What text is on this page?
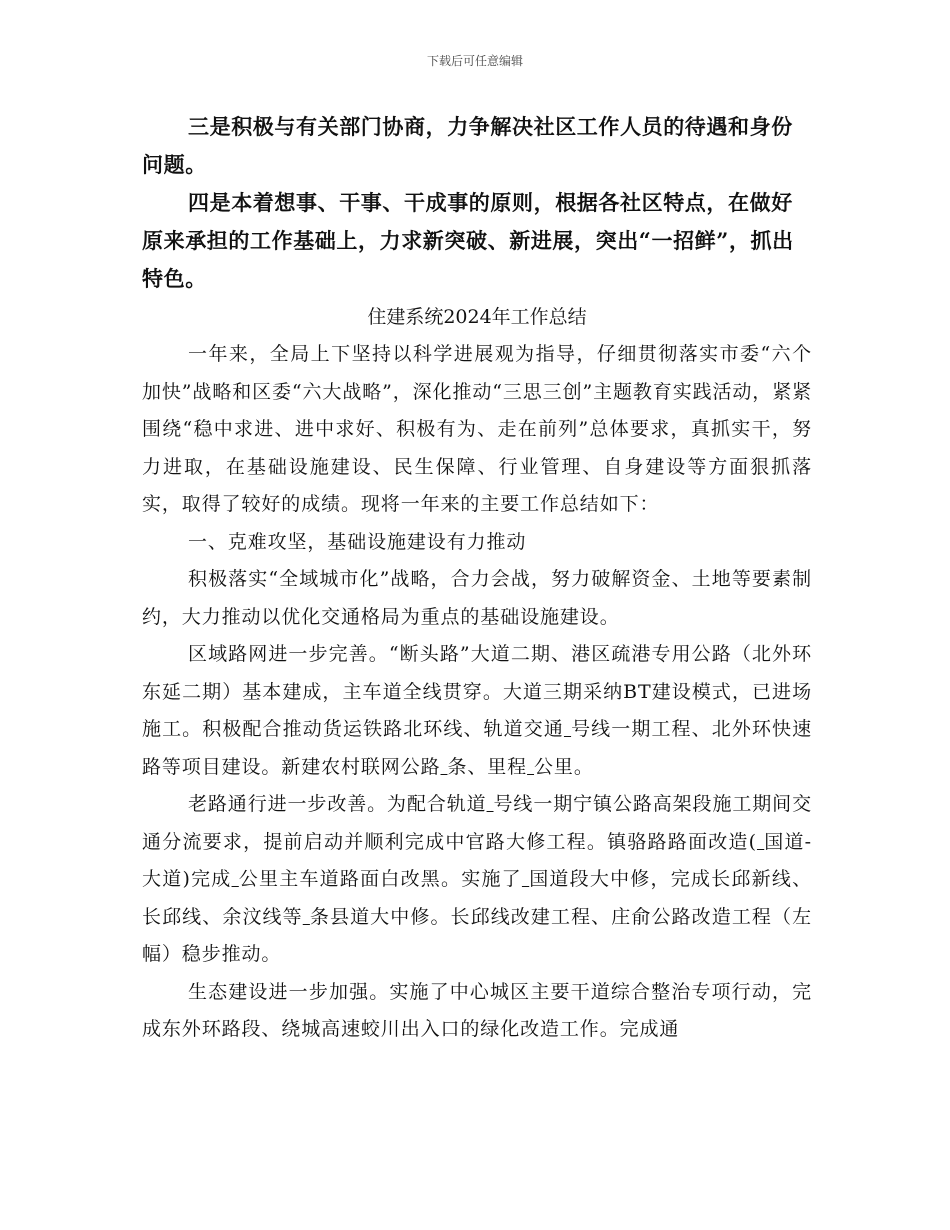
下载后可任意编辑

三是积极与有关部门协商，力争解决社区工作人员的待遇和身份问题。

四是本着想事、干事、干成事的原则，根据各社区特点，在做好原来承担的工作基础上，力求新突破、新进展，突出“一招鲜”，抓出特色。

住建系统2024年工作总结

一年来，全局上下坚持以科学进展观为指导，仔细贯彻落实市委“六个加快”战略和区委“六大战略”，深化推动“三思三创”主题教育实践活动，紧紧围绕“稳中求进、进中求好、积极有为、走在前列”总体要求，真抓实干，努力进取，在基础设施建设、民生保障、行业管理、自身建设等方面狠抓落实，取得了较好的成绩。现将一年来的主要工作总结如下：

一、克难攻坚，基础设施建设有力推动

积极落实“全域城市化”战略，合力会战，努力破解资金、土地等要素制约，大力推动以优化交通格局为重点的基础设施建设。

区域路网进一步完善。“断头路”大道二期、港区疏港专用公路（北外环东延二期）基本建成，主车道全线贯穿。大道三期采纳BT建设模式，已进场施工。积极配合推动货运铁路北环线、轨道交通 号线一期工程、北外环快速路等项目建设。新建农村联网公路 条、里程 公里。

老路通行进一步改善。为配合轨道 号线一期宁镇公路高架段施工期间交通分流要求，提前启动并顺利完成中官路大修工程。镇骆路路面改造( 国道-大道)完成 公里主车道路面白改黑。实施了 国道段大中修，完成长邱新线、长邱线、余汶线等 条县道大中修。长邱线改建工程、庄俞公路改造工程（左幅）稳步推动。

生态建设进一步加强。实施了中心城区主要干道综合整治专项行动，完成东外环路段、绕城高速蛟川出入口的绿化改造工作。完成通
